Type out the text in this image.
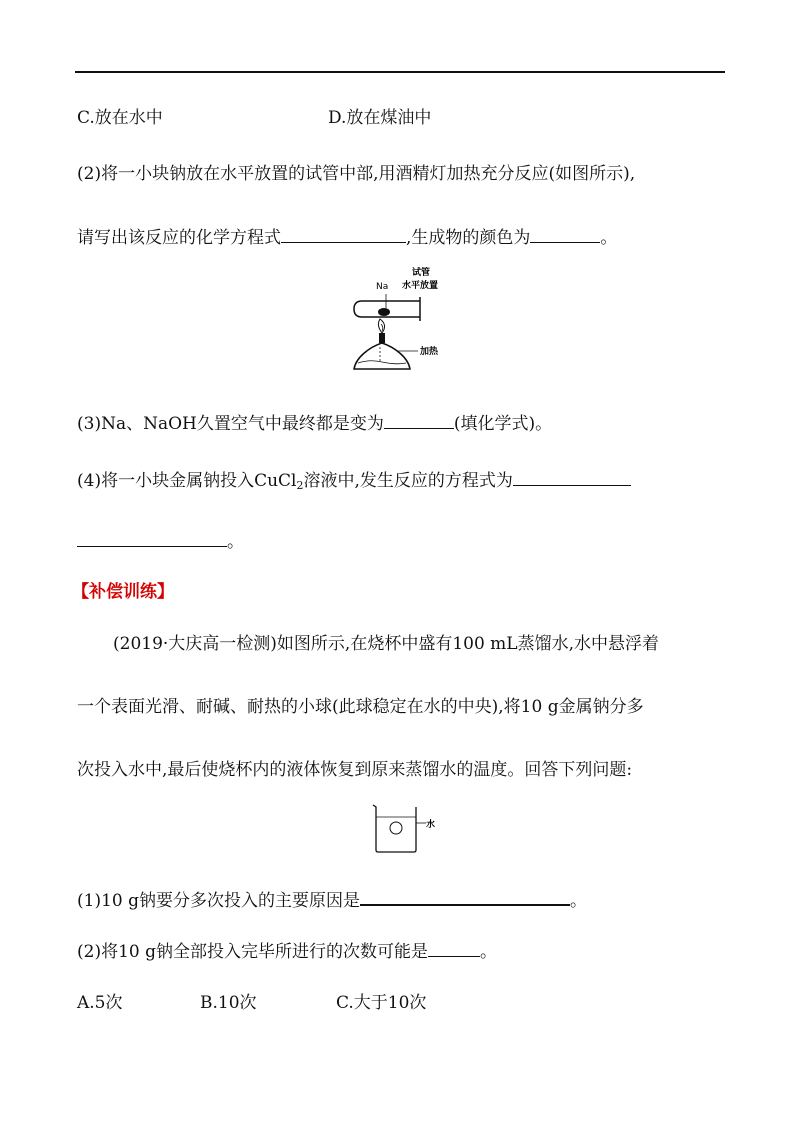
C.放在水中	D.放在煤油中
(2)将一小块钠放在水平放置的试管中部,用酒精灯加热充分反应(如图所示),
请写出该反应的化学方程式	,生成物的颜色为	。
Na
试管
水平放置
加热
(3)Na、NaOH久置空气中最终都是变为	(填化学式)。
(4)将一小块金属钠投入CuCl$_2$溶液中,发生反应的方程式为
。
【补偿训练】
(2019·大庆高一检测)如图所示,在烧杯中盛有100 mL蒸馏水,水中悬浮着
一个表面光滑、耐碱、耐热的小球(此球稳定在水的中央),将10 g金属钠分多
次投入水中,最后使烧杯内的液体恢复到原来蒸馏水的温度。回答下列问题:
水
(1)10 g钠要分多次投入的主要原因是	。
(2)将10 g钠全部投入完毕所进行的次数可能是	。
A.5次	B.10次	C.大于10次
